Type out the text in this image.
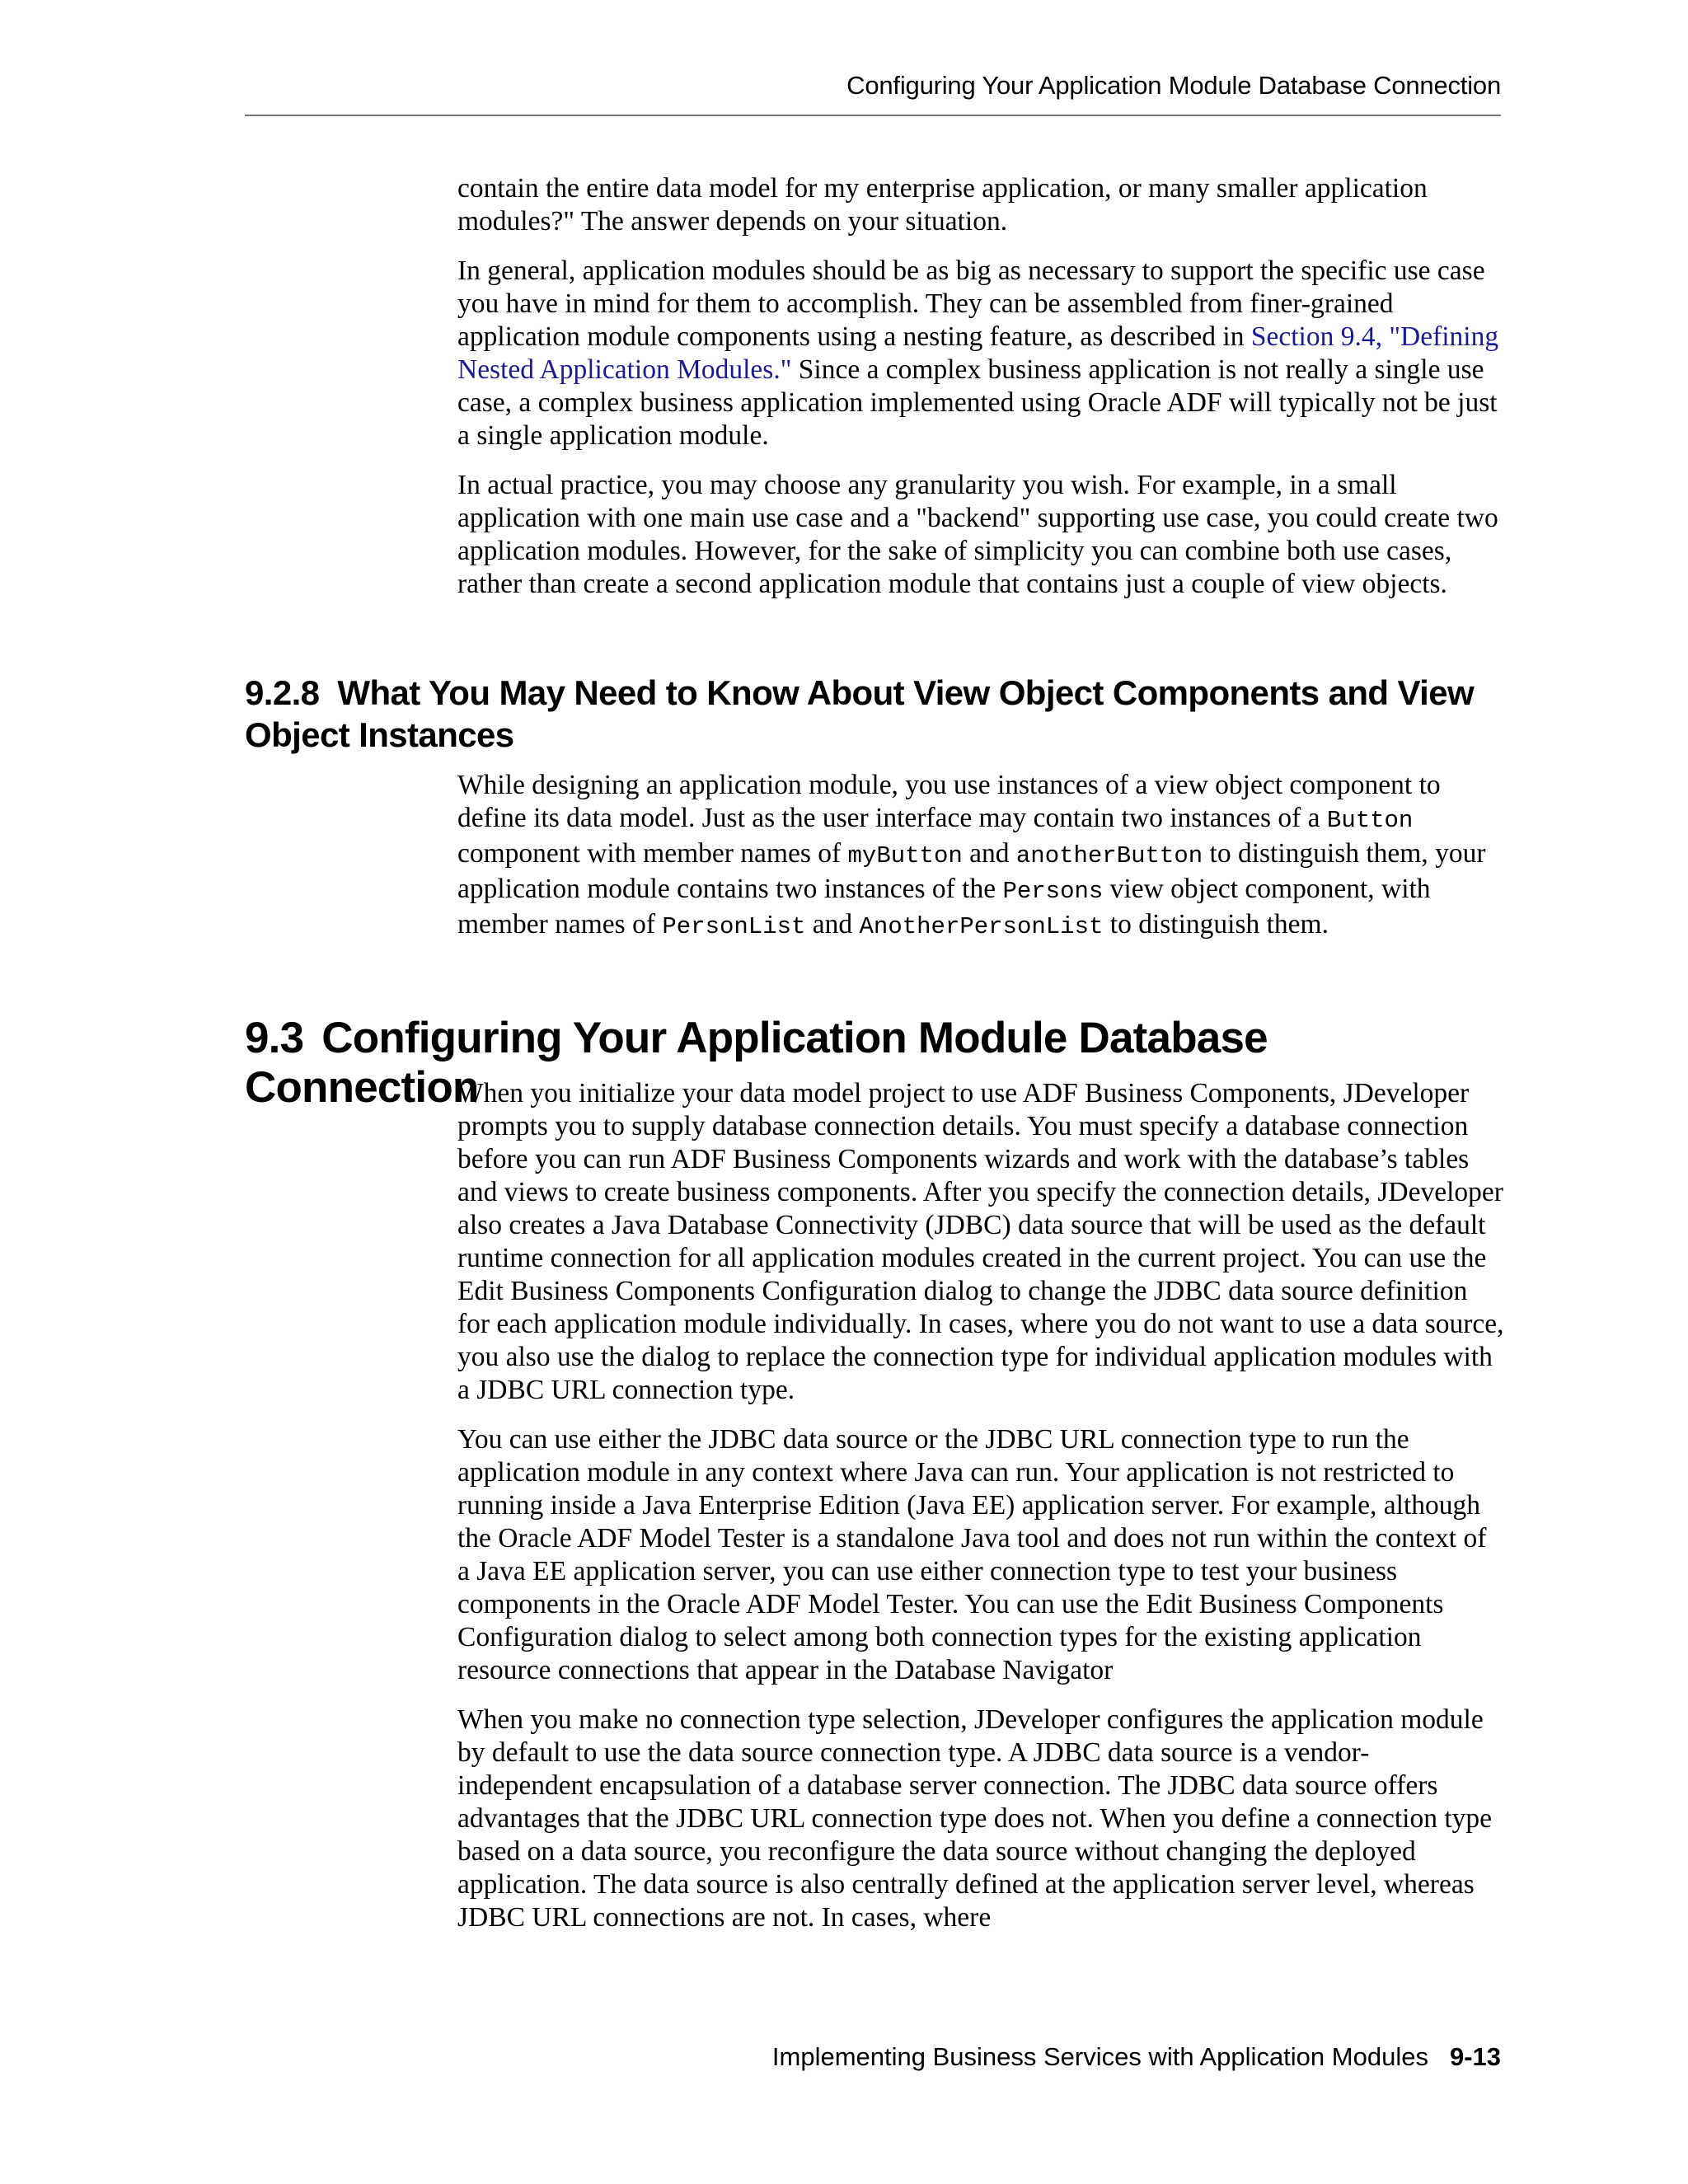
Configuring Your Application Module Database Connection

contain the entire data model for my enterprise application, or many smaller application modules?" The answer depends on your situation.

In general, application modules should be as big as necessary to support the specific use case you have in mind for them to accomplish. They can be assembled from finer-grained application module components using a nesting feature, as described in Section 9.4, "Defining Nested Application Modules." Since a complex business application is not really a single use case, a complex business application implemented using Oracle ADF will typically not be just a single application module.

In actual practice, you may choose any granularity you wish. For example, in a small application with one main use case and a "backend" supporting use case, you could create two application modules. However, for the sake of simplicity you can combine both use cases, rather than create a second application module that contains just a couple of view objects.

9.2.8 What You May Need to Know About View Object Components and View Object Instances

While designing an application module, you use instances of a view object component to define its data model. Just as the user interface may contain two instances of a Button component with member names of myButton and anotherButton to distinguish them, your application module contains two instances of the Persons view object component, with member names of PersonList and AnotherPersonList to distinguish them.

9.3 Configuring Your Application Module Database Connection

When you initialize your data model project to use ADF Business Components, JDeveloper prompts you to supply database connection details. You must specify a database connection before you can run ADF Business Components wizards and work with the database’s tables and views to create business components. After you specify the connection details, JDeveloper also creates a Java Database Connectivity (JDBC) data source that will be used as the default runtime connection for all application modules created in the current project. You can use the Edit Business Components Configuration dialog to change the JDBC data source definition for each application module individually. In cases, where you do not want to use a data source, you also use the dialog to replace the connection type for individual application modules with a JDBC URL connection type.

You can use either the JDBC data source or the JDBC URL connection type to run the application module in any context where Java can run. Your application is not restricted to running inside a Java Enterprise Edition (Java EE) application server. For example, although the Oracle ADF Model Tester is a standalone Java tool and does not run within the context of a Java EE application server, you can use either connection type to test your business components in the Oracle ADF Model Tester. You can use the Edit Business Components Configuration dialog to select among both connection types for the existing application resource connections that appear in the Database Navigator

When you make no connection type selection, JDeveloper configures the application module by default to use the data source connection type. A JDBC data source is a vendor-independent encapsulation of a database server connection. The JDBC data source offers advantages that the JDBC URL connection type does not. When you define a connection type based on a data source, you reconfigure the data source without changing the deployed application. The data source is also centrally defined at the application server level, whereas JDBC URL connections are not. In cases, where

Implementing Business Services with Application Modules 9-13
